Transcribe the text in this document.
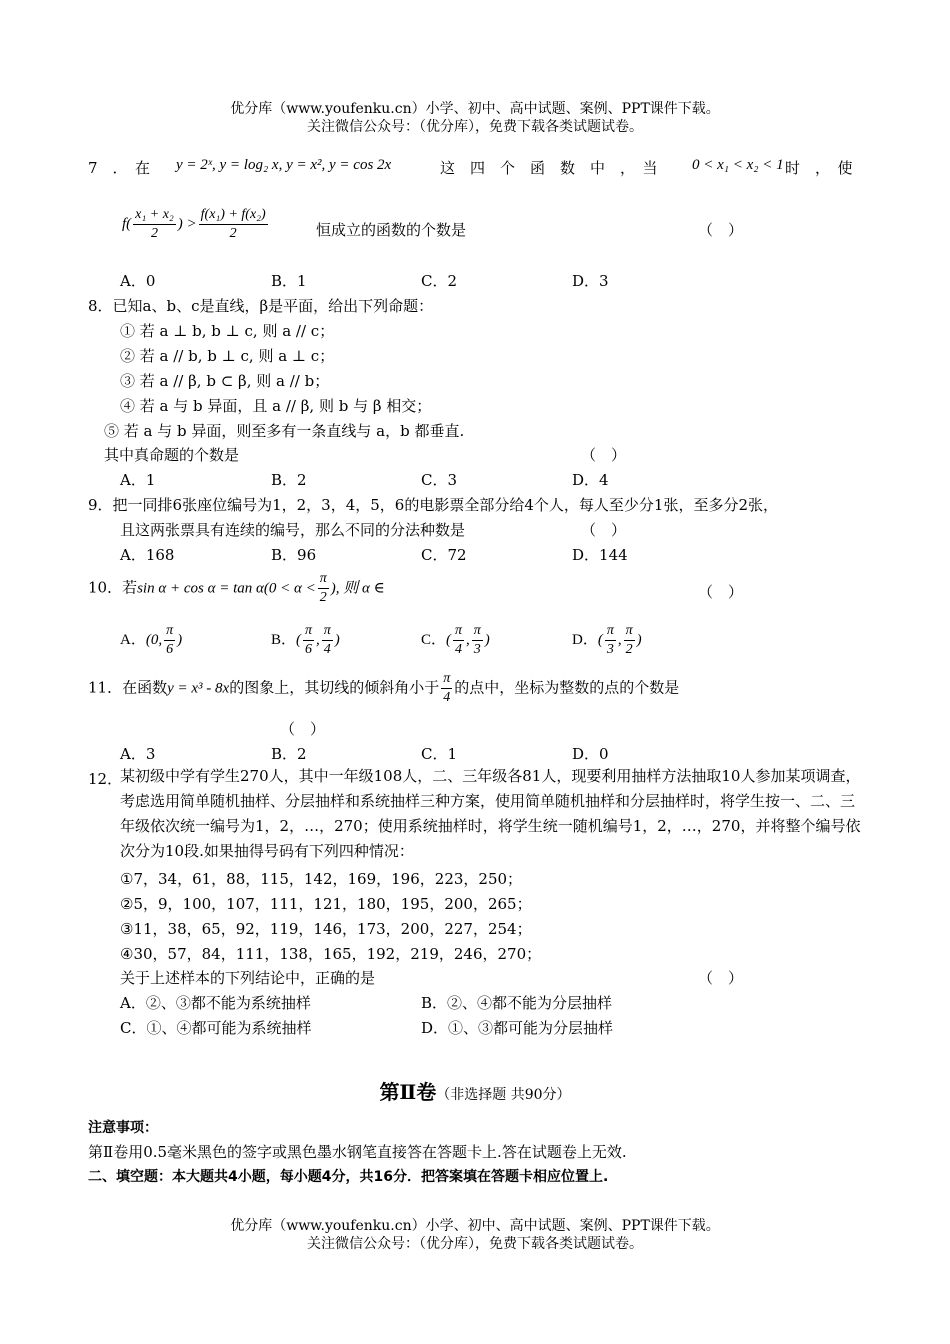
优分库（www.youfenku.cn）小学、初中、高中试题、案例、PPT课件下载。
关注微信公众号：（优分库），免费下载各类试题试卷。
7　．　在 y = 2ˣ, y = log₂ x, y = x², y = cos 2x	这　四　个　函　数　中　，　当 0 < x₁ < x₂ < 1 时　，　使
$f( \frac{\text{x₁ + x₂}}{2}$ ) > $\frac{\text{f(x₁) + f(x₂)}}{2}$	恒成立的函数的个数是	（　）
A．0	B．1	C．2	D．3
8．已知a、b、c是直线，β是平面，给出下列命题：
① 若 a ⊥ b, b ⊥ c, 则 a // c；
② 若 a // b, b ⊥ c, 则 a ⊥ c；
③ 若 a // β, b ⊂ β, 则 a // b；
④ 若 a 与 b 异面，且 a // β, 则 b 与 β 相交；
⑤ 若 a 与 b 异面，则至多有一条直线与 a，b 都垂直.
其中真命题的个数是	（　）
A．1	B．2	C．3	D．4
9．把一同排6张座位编号为1，2，3，4，5，6的电影票全部分给4个人，每人至少分1张，至多分2张，
且这两张票具有连续的编号，那么不同的分法种数是	（　）
A．168	B．96	C．72	D．144
10．若$\sin \alpha + \cos \alpha = \tan \alpha(0 < \alpha < \frac{\pi}{2}$ ), 则 α ∈	（　）
A．(0, $\frac{\pi}{6}$ )	B．( $\frac{\pi}{6}$ , $\frac{\pi}{4}$ )	C．( $\frac{\pi}{4}$ , $\frac{\pi}{3}$ )	D．( $\frac{\pi}{3}$ , $\frac{\pi}{2}$ )
11．在函数y = x³ - 8x的图象上，其切线的倾斜角小于 $\frac{\pi}{4}$ 的点中，坐标为整数的点的个数是
（　）
A．3	B．2	C．1	D．0
12．
某初级中学有学生270人，其中一年级108人，二、三年级各81人，现要利用抽样方法抽取10人参加某项调查，考虑选用简单随机抽样、分层抽样和系统抽样三种方案，使用简单随机抽样和分层抽样时，将学生按一、二、三年级依次统一编号为1，2，…，270；使用系统抽样时，将学生统一随机编号1，2，…，270，并将整个编号依次分为10段.如果抽得号码有下列四种情况：
①7，34，61，88，115，142，169，196，223，250；
②5，9，100，107，111，121，180，195，200，265；
③11，38，65，92，119，146，173，200，227，254；
④30，57，84，111，138，165，192，219，246，270；
关于上述样本的下列结论中，正确的是	（　）
A．②、③都不能为系统抽样	B．②、④都不能为分层抽样
C．①、④都可能为系统抽样	D．①、③都可能为分层抽样
第Ⅱ卷（非选择题 共90分）
注意事项：
第Ⅱ卷用0.5毫米黑色的签字或黑色墨水钢笔直接答在答题卡上.答在试题卷上无效.
二、填空题：本大题共4小题，每小题4分，共16分．把答案填在答题卡相应位置上.
优分库（www.youfenku.cn）小学、初中、高中试题、案例、PPT课件下载。
关注微信公众号：（优分库），免费下载各类试题试卷。
